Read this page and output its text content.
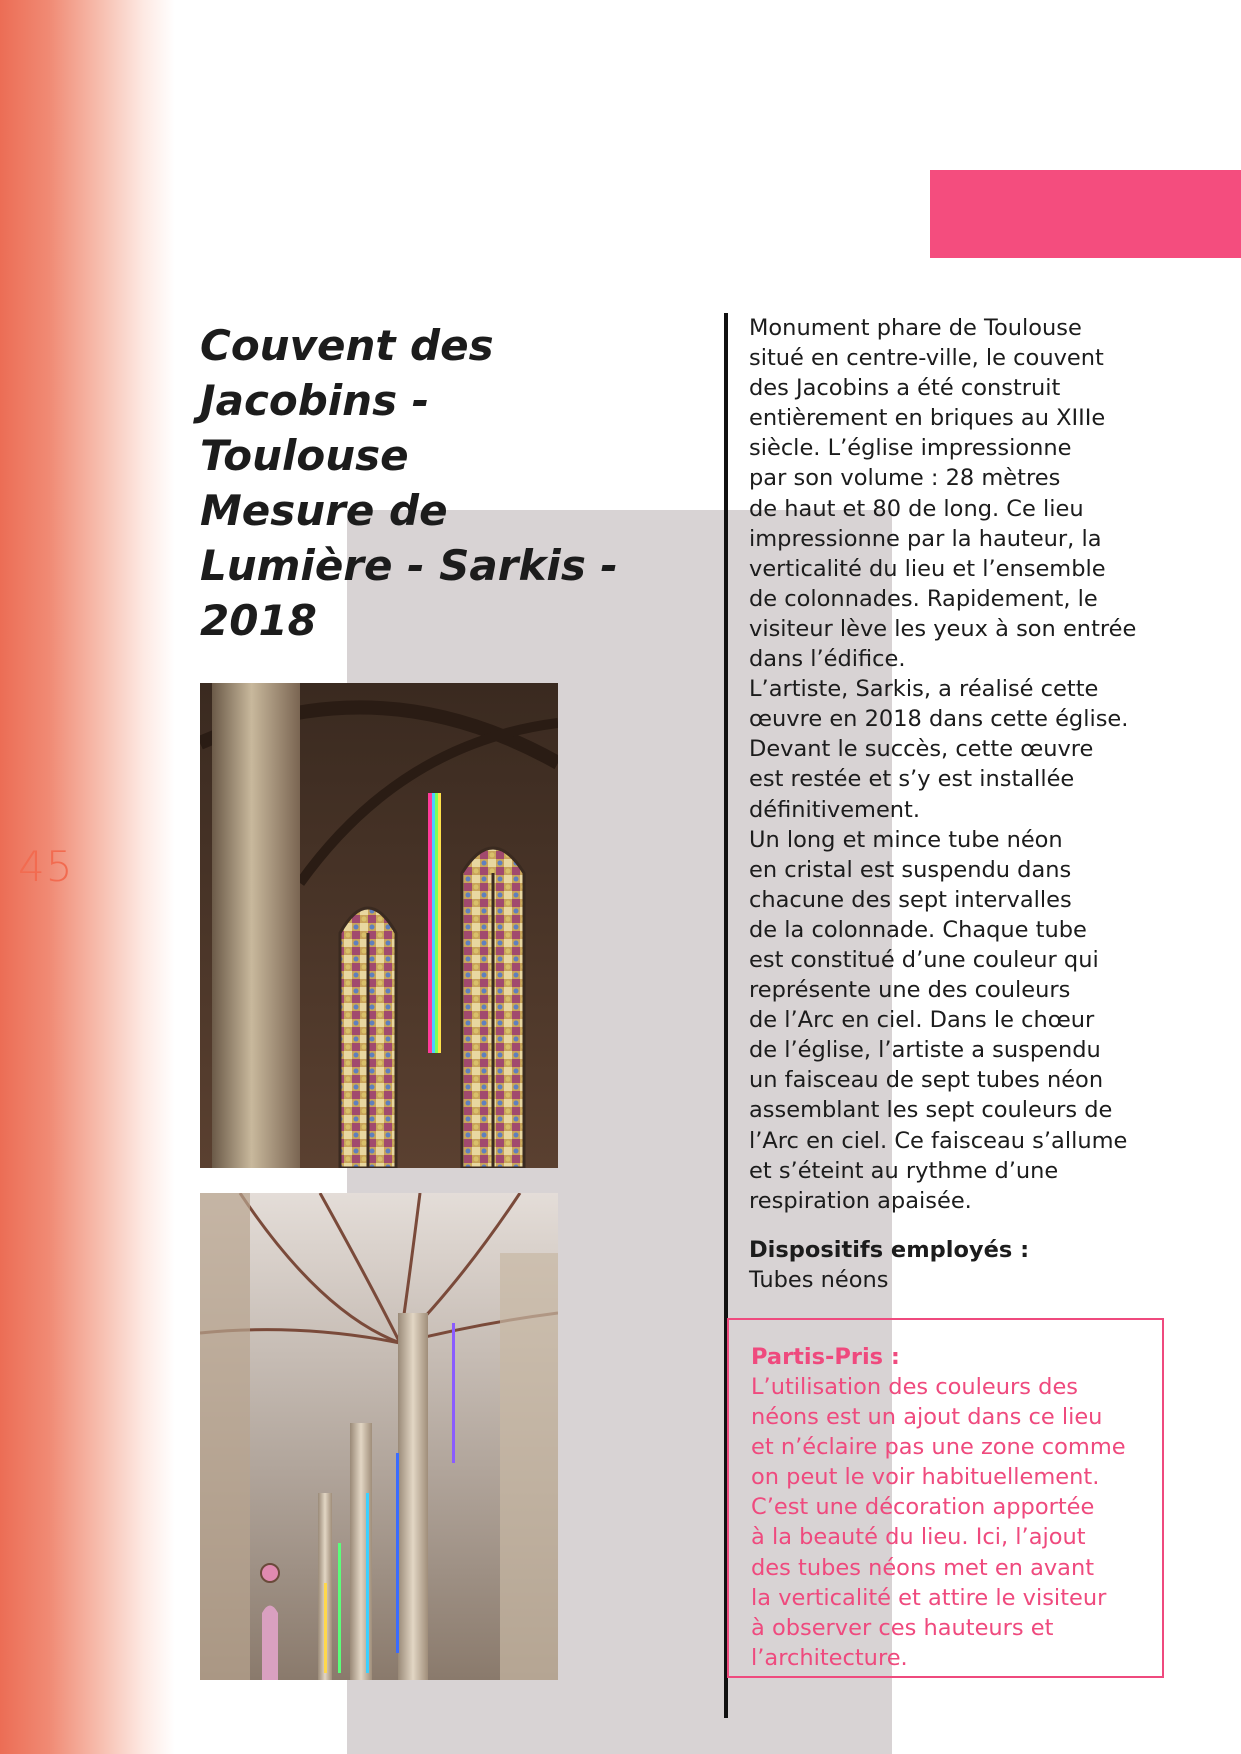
45
Couvent des
Jacobins -
Toulouse
Mesure de
Lumière - Sarkis -
2018

Monument phare de Toulouse
situé en centre-ville, le couvent
des Jacobins a été construit
entièrement en briques au XIIIe
siècle. L’église impressionne
par son volume : 28 mètres
de haut et 80 de long. Ce lieu
impressionne par la hauteur, la
verticalité du lieu et l’ensemble
de colonnades. Rapidement, le
visiteur lève les yeux à son entrée
dans l’édifice.
L’artiste, Sarkis, a réalisé cette
œuvre en 2018 dans cette église.
Devant le succès, cette œuvre
est restée et s’y est installée
définitivement.
Un long et mince tube néon
en cristal est suspendu dans
chacune des sept intervalles
de la colonnade. Chaque tube
est constitué d’une couleur qui
représente une des couleurs
de l’Arc en ciel. Dans le chœur
de l’église, l’artiste a suspendu
un faisceau de sept tubes néon
assemblant les sept couleurs de
l’Arc en ciel. Ce faisceau s’allume
et s’éteint au rythme d’une
respiration apaisée.

Dispositifs employés :

Tubes néons

Partis-Pris :

L’utilisation des couleurs des
néons est un ajout dans ce lieu
et n’éclaire pas une zone comme
on peut le voir habituellement.
C’est une décoration apportée
à la beauté du lieu. Ici, l’ajout
des tubes néons met en avant
la verticalité et attire le visiteur
à observer ces hauteurs et
l’architecture.
